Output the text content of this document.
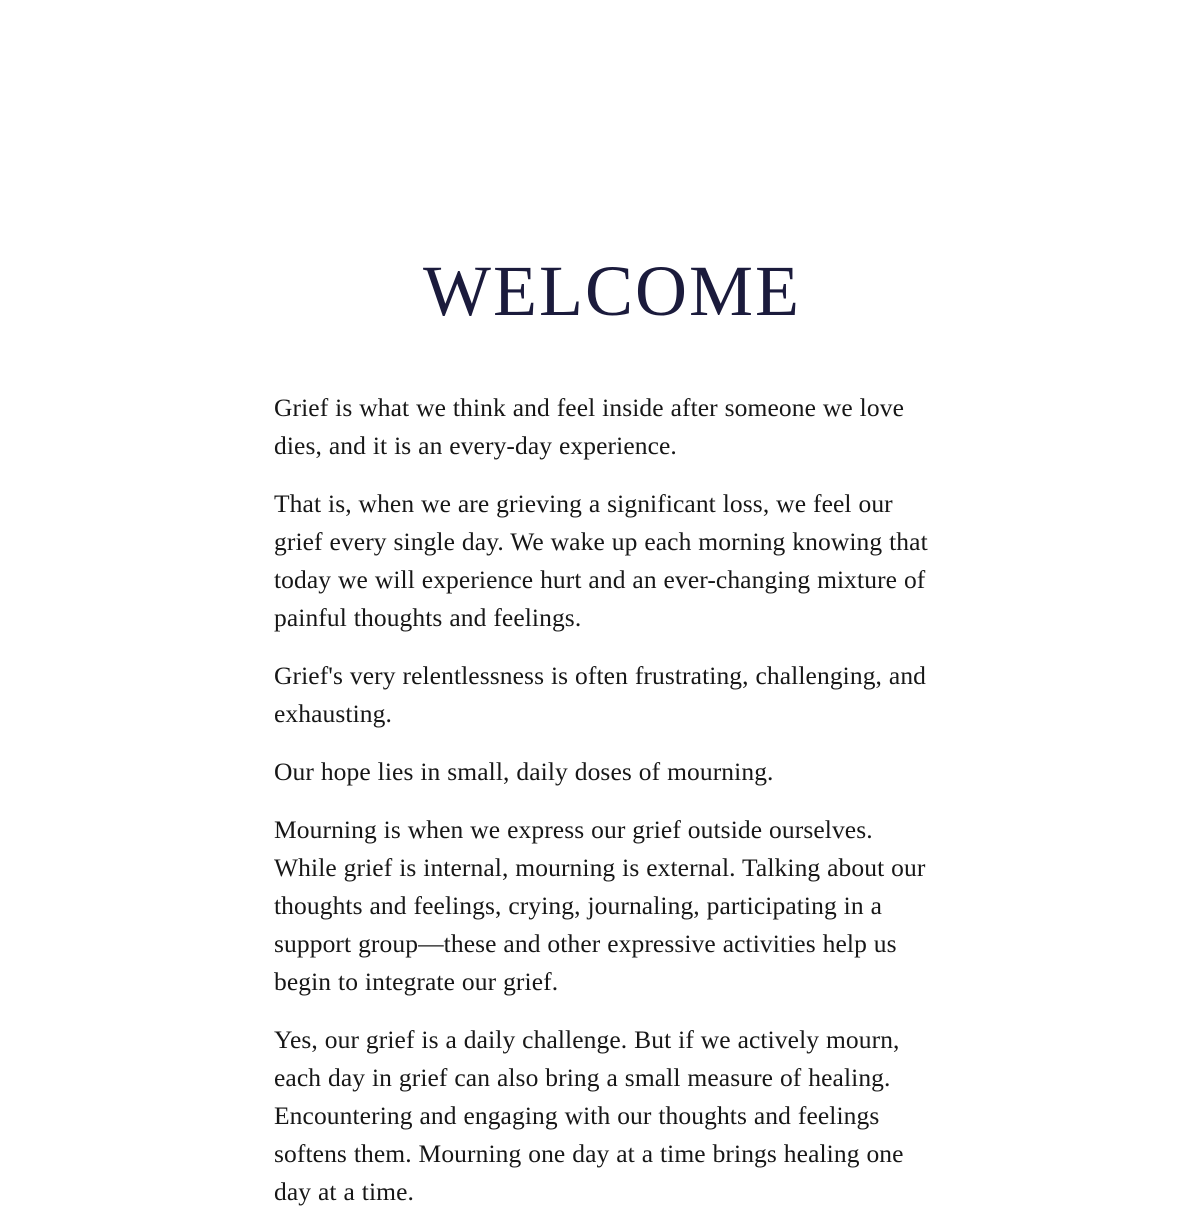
WELCOME

Grief is what we think and feel inside after someone we love dies, and it is an every-day experience.

That is, when we are grieving a significant loss, we feel our grief every single day. We wake up each morning knowing that today we will experience hurt and an ever-changing mixture of painful thoughts and feelings.

Grief's very relentlessness is often frustrating, challenging, and exhausting.

Our hope lies in small, daily doses of mourning.

Mourning is when we express our grief outside ourselves. While grief is internal, mourning is external. Talking about our thoughts and feelings, crying, journaling, participating in a support group—these and other expressive activities help us begin to integrate our grief.

Yes, our grief is a daily challenge. But if we actively mourn, each day in grief can also bring a small measure of healing. Encountering and engaging with our thoughts and feelings softens them. Mourning one day at a time brings healing one day at a time.
